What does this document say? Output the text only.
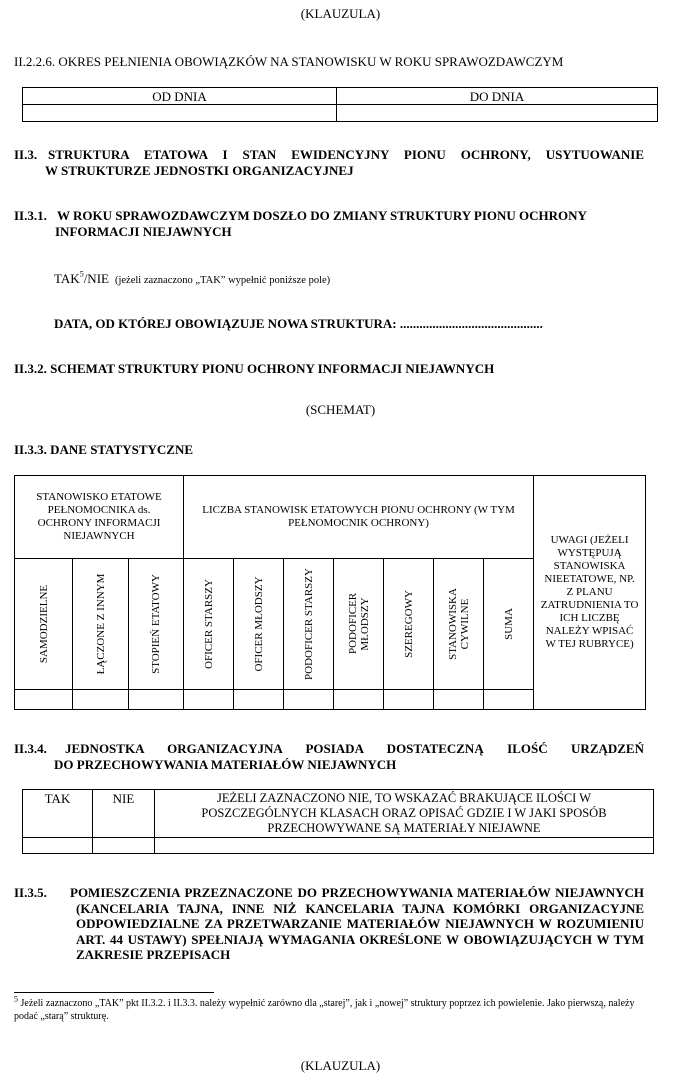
(KLAUZULA)
II.2.2.6. OKRES PEŁNIENIA OBOWIĄZKÓW NA STANOWISKU W ROKU SPRAWOZDAWCZYM
OD DNIA	DO DNIA

II.3. STRUKTURA ETATOWA I STAN EWIDENCYJNY PIONU OCHRONY, USYTUOWANIE
W STRUKTURZE JEDNOSTKI ORGANIZACYJNEJ
II.3.1. W ROKU SPRAWOZDAWCZYM DOSZŁO DO ZMIANY STRUKTURY PIONU OCHRONY
INFORMACJI NIEJAWNYCH
TAK$^5$/NIE (jeżeli zaznaczono „TAK” wypełnić poniższe pole)
DATA, OD KTÓREJ OBOWIĄZUJE NOWA STRUKTURA: ............................................
II.3.2. SCHEMAT STRUKTURY PIONU OCHRONY INFORMACJI NIEJAWNYCH
(SCHEMAT)
II.3.3. DANE STATYSTYCZNE
STANOWISKO ETATOWE PEŁNOMOCNIKA ds. OCHRONY INFORMACJI NIEJAWNYCH			LICZBA STANOWISK ETATOWYCH PIONU OCHRONY (W TYM PEŁNOMOCNIK OCHRONY)							UWAGI (JEŻELI WYSTĘPUJĄ STANOWISKA NIEETATOWE, NP. Z PLANU ZATRUDNIENIA TO ICH LICZBĘ NALEŻY WPISAĆ W TEJ RUBRYCE)

SAMODZIELNE	ŁĄCZONE Z INNYM	STOPIEŃ ETATOWY	OFICER STARSZY	OFICER MŁODSZY	PODOFICER STARSZY	PODOFICER MŁODSZY	SZEREGOWY	STANOWISKA CYWILNE	SUMA	

II.3.4.	JEDNOSTKA ORGANIZACYJNA POSIADA DOSTATECZNĄ ILOŚĆ URZĄDZEŃ
DO PRZECHOWYWANIA MATERIAŁÓW NIEJAWNYCH
TAK	NIE	JEŻELI ZAZNACZONO NIE, TO WSKAZAĆ BRAKUJĄCE ILOŚCI W POSZCZEGÓLNYCH KLASACH ORAZ OPISAĆ GDZIE I W JAKI SPOSÓB PRZECHOWYWANE SĄ MATERIAŁY NIEJAWNE

II.3.5.	POMIESZCZENIA PRZEZNACZONE DO PRZECHOWYWANIA MATERIAŁÓW NIEJAWNYCH (KANCELARIA TAJNA, INNE NIŻ KANCELARIA TAJNA KOMÓRKI ORGANIZACYJNE ODPOWIEDZIALNE ZA PRZETWARZANIE MATERIAŁÓW NIEJAWNYCH W ROZUMIENIU ART. 44 USTAWY) SPEŁNIAJĄ WYMAGANIA OKREŚLONE W OBOWIĄZUJĄCYCH W TYM ZAKRESIE PRZEPISACH
$^5$ Jeżeli zaznaczono „TAK” pkt II.3.2. i II.3.3. należy wypełnić zarówno dla „starej”, jak i „nowej” struktury poprzez ich powielenie. Jako pierwszą, należy podać „starą” strukturę.
(KLAUZULA)
